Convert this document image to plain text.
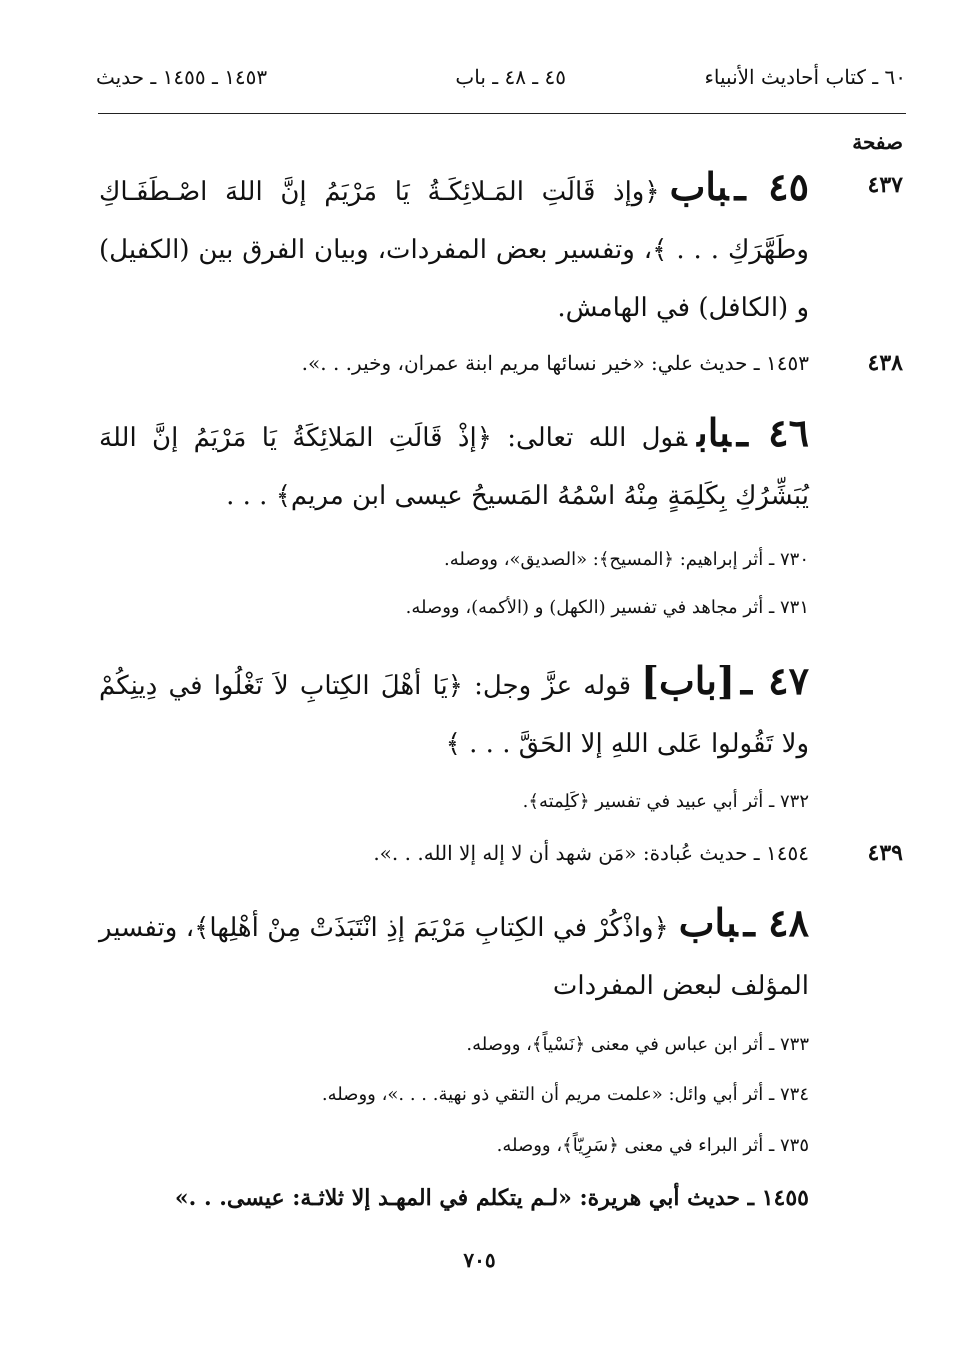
٦٠ ـ كتاب أحاديث الأنبياء
٤٥ ـ ٤٨ ـ باب
١٤٥٣ ـ ١٤٥٥ ـ حديث
صفحة
٤٣٧
٤٥ ـباب﴿وإذ قَالَتِ المَـلائِكَـةُ يَا مَرْيَمُ إنَّ اللهَ اصْـطَفَـاكِ وطَهَّرَكِ . . . ﴾، وتفسير بعض المفردات، وبيان الفرق بين (الكفيل) و (الكافل) في الهامش.
٤٣٨
١٤٥٣ ـ حديث علي: «خير نسائها مريم ابنة عمران، وخير. . .».
٤٦ ـبابقول الله تعالى: ﴿إذْ قَالَتِ المَلائِكَةُ يَا مَرْيَمُ إنَّ اللهَ يُبَشِّرُكِ بِكَلِمَةٍ مِنْهُ اسْمُهُ المَسيحُ عيسى ابن مريم﴾ . . .
٧٣٠ ـ أثر إبراهيم: ﴿المسيح﴾: «الصديق»، ووصله.
٧٣١ ـ أثر مجاهد في تفسير (الكهل) و (الأكمه)، ووصله.
٤٧ ـ[باب]قوله عزَّ وجل: ﴿يَا أهْلَ الكِتابِ لاَ تَغْلُوا في دِينِكُمْ ولا تَقُولوا عَلى اللهِ إلا الحَقَّ . . . ﴾
٧٣٢ ـ أثر أبي عبيد في تفسير ﴿كَلِمته﴾.
٤٣٩
١٤٥٤ ـ حديث عُبادة: «مَن شهد أن لا إله إلا الله. . .».
٤٨ ـباب﴿واذْكُرْ في الكِتابِ مَرْيَمَ إذِ انْتَبَذَتْ مِنْ أهْلِها﴾، وتفسير المؤلف لبعض المفردات
٧٣٣ ـ أثر ابن عباس في معنى ﴿نَسْياً﴾، ووصله.
٧٣٤ ـ أثر أبي وائل: «علمت مريم أن التقي ذو نهية. . . .»، ووصله.
٧٣٥ ـ أثر البراء في معنى ﴿سَرِيّاً﴾، ووصله.
١٤٥٥ ـ حديث أبي هريرة: «لـم يتكلم في المهـد إلا ثلاثـة: عيسى. . .»
٧٠٥
